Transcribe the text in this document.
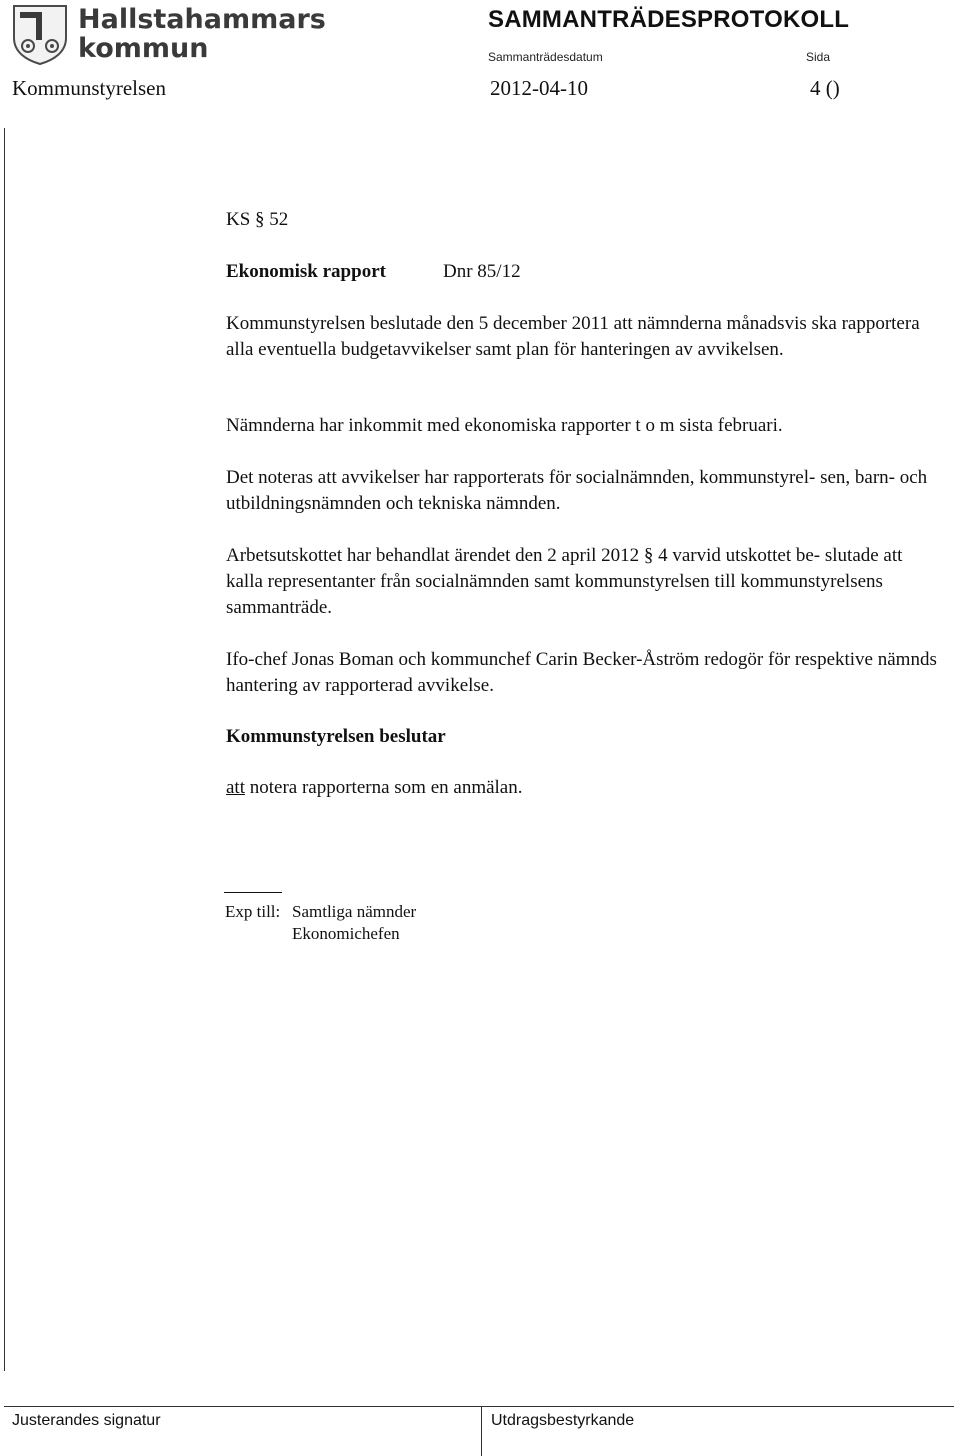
Hallstahammars
kommun
SAMMANTRÄDESPROTOKOLL
Sammanträdesdatum	Sida
Kommunstyrelsen	2012-04-10	4 ()
KS § 52
Ekonomisk rapport	Dnr 85/12
Kommunstyrelsen beslutade den 5 december 2011 att nämnderna månadsvis ska rapportera alla eventuella budgetavvikelser samt plan för hanteringen av avvikelsen.
Nämnderna har inkommit med ekonomiska rapporter t o m sista februari.
Det noteras att avvikelser har rapporterats för socialnämnden, kommunstyrel- sen, barn- och utbildningsnämnden och tekniska nämnden.
Arbetsutskottet har behandlat ärendet den 2 april 2012 § 4 varvid utskottet be- slutade att kalla representanter från socialnämnden samt kommunstyrelsen till kommunstyrelsens sammanträde.
Ifo-chef Jonas Boman och kommunchef Carin Becker-Åström redogör för respektive nämnds hantering av rapporterad avvikelse.
Kommunstyrelsen beslutar
att notera rapporterna som en anmälan.
Exp till: Samtliga nämnder
Ekonomichefen
Justerandes signatur	Utdragsbestyrkande
